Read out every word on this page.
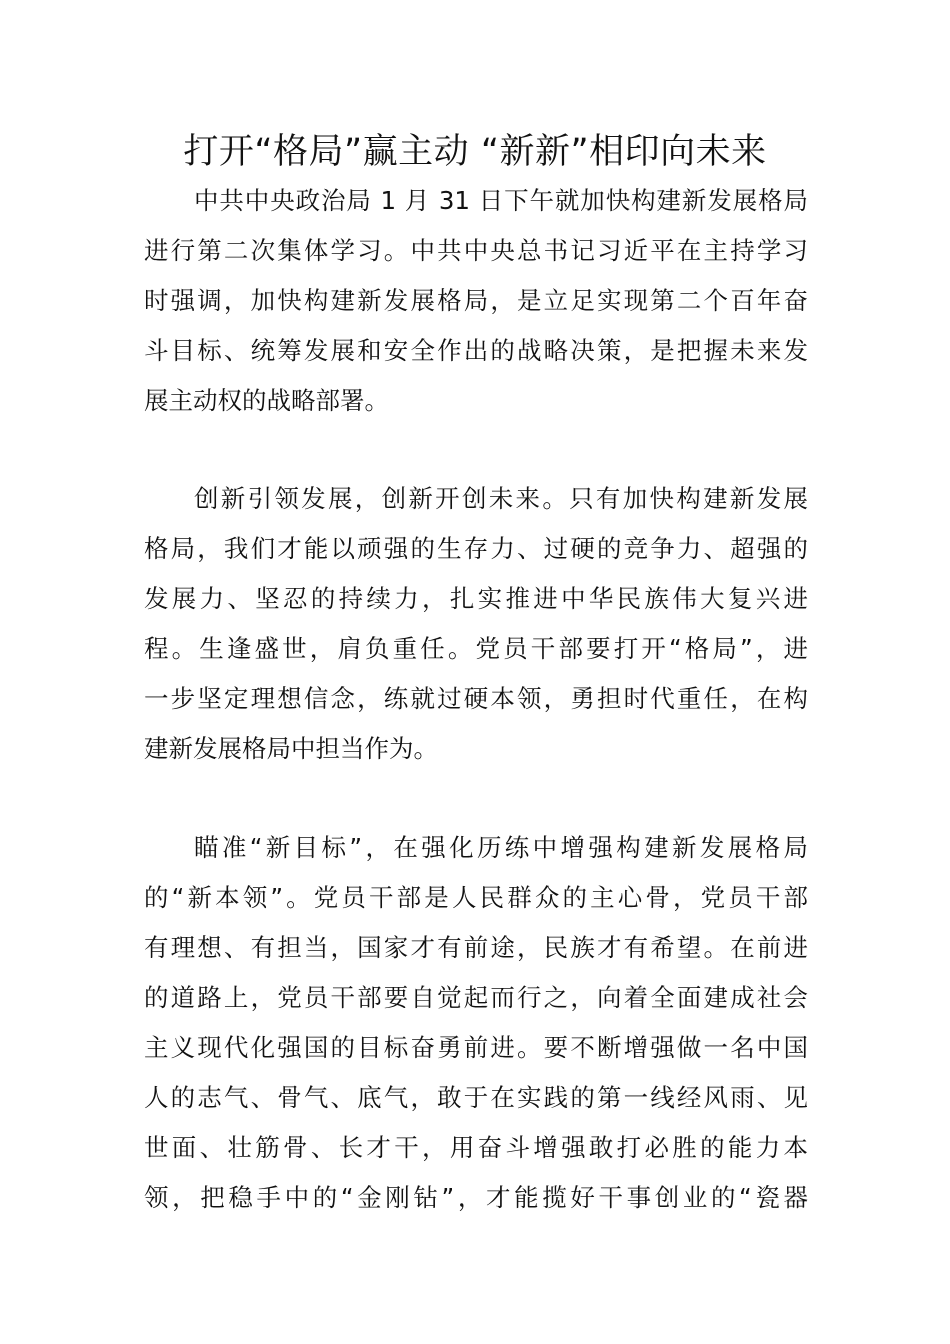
打开“格局”赢主动 “新新”相印向未来
中共中央政治局 1 月 31 日下午就加快构建新发展格局
进行第二次集体学习。中共中央总书记习近平在主持学习
时强调，加快构建新发展格局，是立足实现第二个百年奋
斗目标、统筹发展和安全作出的战略决策，是把握未来发
展主动权的战略部署。
创新引领发展，创新开创未来。只有加快构建新发展
格局，我们才能以顽强的生存力、过硬的竞争力、超强的
发展力、坚忍的持续力，扎实推进中华民族伟大复兴进
程。生逢盛世，肩负重任。党员干部要打开“格局”，进
一步坚定理想信念，练就过硬本领，勇担时代重任，在构
建新发展格局中担当作为。
瞄准“新目标”，在强化历练中增强构建新发展格局
的“新本领”。党员干部是人民群众的主心骨，党员干部
有理想、有担当，国家才有前途，民族才有希望。在前进
的道路上，党员干部要自觉起而行之，向着全面建成社会
主义现代化强国的目标奋勇前进。要不断增强做一名中国
人的志气、骨气、底气，敢于在实践的第一线经风雨、见
世面、壮筋骨、长才干，用奋斗增强敢打必胜的能力本
领，把稳手中的“金刚钻”，才能揽好干事创业的“瓷器
